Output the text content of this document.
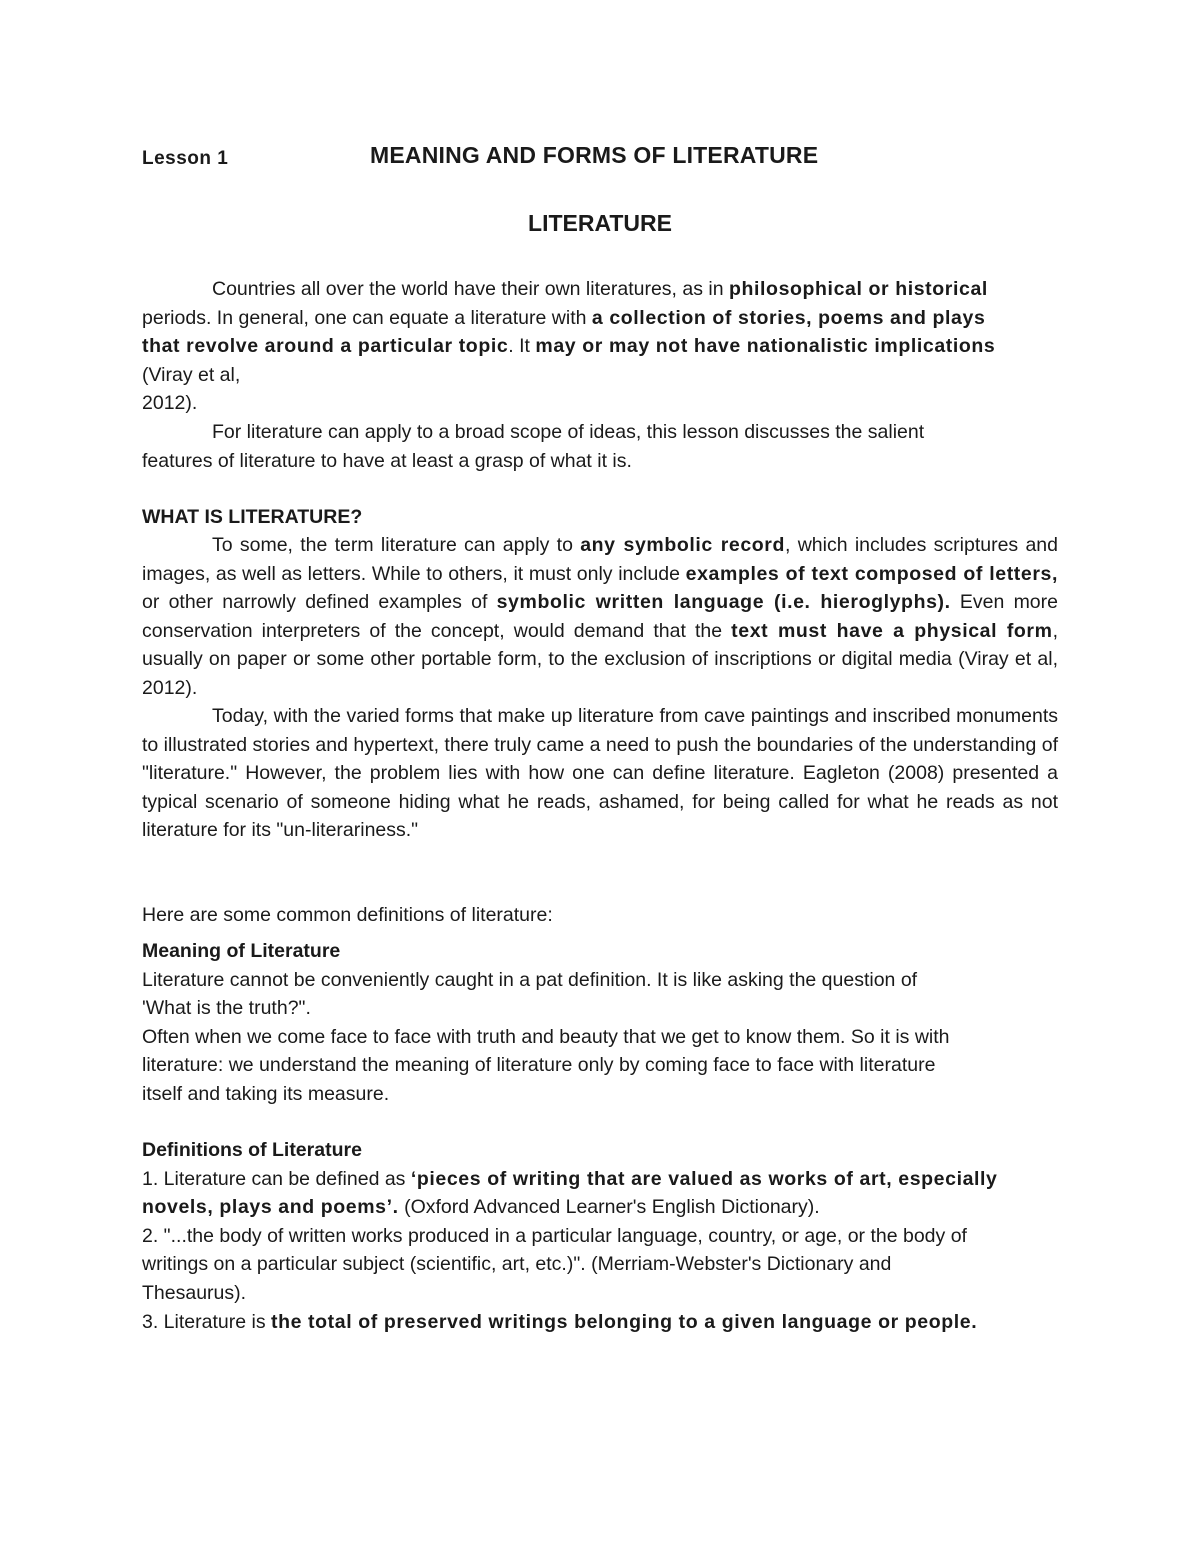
Lesson 1	MEANING AND FORMS OF LITERATURE
LITERATURE
Countries all over the world have their own literatures, as in philosophical or historical
periods. In general, one can equate a literature with a collection of stories, poems and plays
that revolve around a particular topic. It may or may not have nationalistic implications
(Viray et al,
2012).
For literature can apply to a broad scope of ideas, this lesson discusses the salient
features of literature to have at least a grasp of what it is.
WHAT IS LITERATURE?

To some, the term literature can apply to any symbolic record, which includes scriptures and images, as well as letters. While to others, it must only include examples of text composed of letters, or other narrowly defined examples of symbolic written language (i.e. hieroglyphs). Even more conservation interpreters of the concept, would demand that the text must have a physical form, usually on paper or some other portable form, to the exclusion of inscriptions or digital media (Viray et al, 2012).

Today, with the varied forms that make up literature from cave paintings and inscribed monuments to illustrated stories and hypertext, there truly came a need to push the boundaries of the understanding of "literature." However, the problem lies with how one can define literature. Eagleton (2008) presented a typical scenario of someone hiding what he reads, ashamed, for being called for what he reads as not literature for its "un-literariness."

Here are some common definitions of literature:
Meaning of Literature
Literature cannot be conveniently caught in a pat definition. It is like asking the question of
'What is the truth?".
Often when we come face to face with truth and beauty that we get to know them. So it is with
literature: we understand the meaning of literature only by coming face to face with literature
itself and taking its measure.
Definitions of Literature
1. Literature can be defined as ‘pieces of writing that are valued as works of art, especially
novels, plays and poems’. (Oxford Advanced Learner's English Dictionary).
2. "...the body of written works produced in a particular language, country, or age, or the body of
writings on a particular subject (scientific, art, etc.)". (Merriam-Webster's Dictionary and
Thesaurus).
3. Literature is the total of preserved writings belonging to a given language or people.
